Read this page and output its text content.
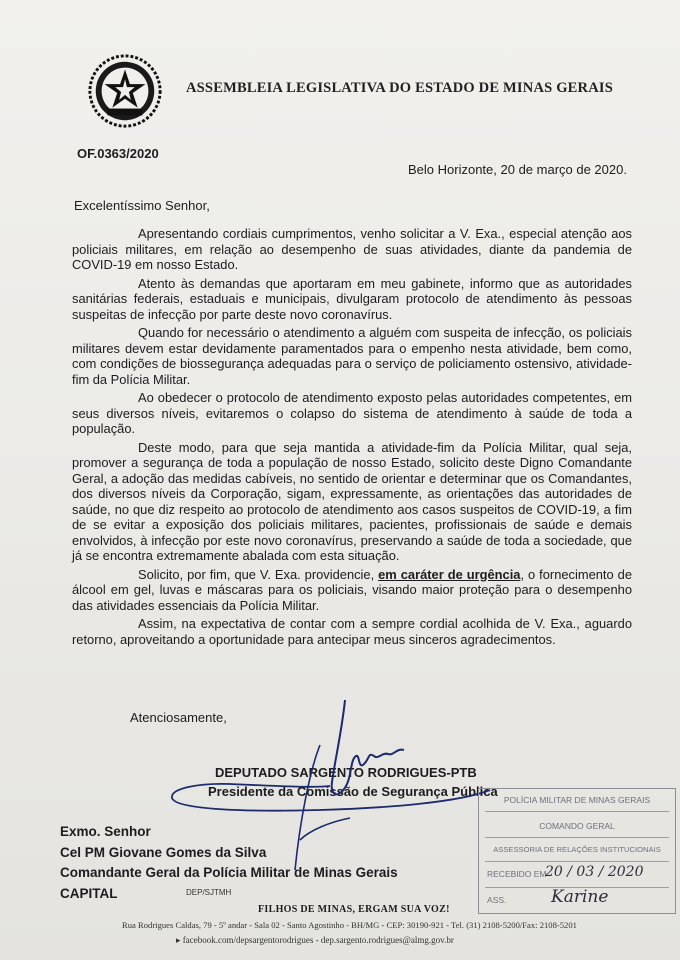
ASSEMBLEIA LEGISLATIVA DO ESTADO DE MINAS GERAIS
OF.0363/2020
Belo Horizonte, 20 de março de 2020.
Excelentíssimo Senhor,

Apresentando cordiais cumprimentos, venho solicitar a V. Exa., especial atenção aos policiais militares, em relação ao desempenho de suas atividades, diante da pandemia de COVID-19 em nosso Estado.

Atento às demandas que aportaram em meu gabinete, informo que as autoridades sanitárias federais, estaduais e municipais, divulgaram protocolo de atendimento às pessoas suspeitas de infecção por parte deste novo coronavírus.

Quando for necessário o atendimento a alguém com suspeita de infecção, os policiais militares devem estar devidamente paramentados para o empenho nesta atividade, bem como, com condições de biossegurança adequadas para o serviço de policiamento ostensivo, atividade-fim da Polícia Militar.

Ao obedecer o protocolo de atendimento exposto pelas autoridades competentes, em seus diversos níveis, evitaremos o colapso do sistema de atendimento à saúde de toda a população.

Deste modo, para que seja mantida a atividade-fim da Polícia Militar, qual seja, promover a segurança de toda a população de nosso Estado, solicito deste Digno Comandante Geral, a adoção das medidas cabíveis, no sentido de orientar e determinar que os Comandantes, dos diversos níveis da Corporação, sigam, expressamente, as orientações das autoridades de saúde, no que diz respeito ao protocolo de atendimento aos casos suspeitos de COVID-19, a fim de se evitar a exposição dos policiais militares, pacientes, profissionais de saúde e demais envolvidos, à infecção por este novo coronavírus, preservando a saúde de toda a sociedade, que já se encontra extremamente abalada com esta situação.

Solicito, por fim, que V. Exa. providencie, em caráter de urgência, o fornecimento de álcool em gel, luvas e máscaras para os policiais, visando maior proteção para o desempenho das atividades essenciais da Polícia Militar.

Assim, na expectativa de contar com a sempre cordial acolhida de V. Exa., aguardo retorno, aproveitando a oportunidade para antecipar meus sinceros agradecimentos.

Atenciosamente,
DEPUTADO SARGENTO RODRIGUES-PTB
Presidente da Comissão de Segurança Pública
Exmo. Senhor
Cel PM Giovane Gomes da Silva
Comandante Geral da Polícia Militar de Minas Gerais
CAPITAL	DEP/SJTMH
POLÍCIA MILITAR DE MINAS GERAIS
COMANDO GERAL
ASSESSORIA DE RELAÇÕES INSTITUCIONAIS
RECEBIDO EM
20 / 03 / 2020
ASS.	Karine
FILHOS DE MINAS, ERGAM SUA VOZ!
Rua Rodrigues Caldas, 79 - 5º andar - Sala 02 - Santo Agostinho - BH/MG - CEP: 30190-921 - Tel. (31) 2108-5200/Fax: 2108-5201
▸ facebook.com/depsargentorodrigues - dep.sargento.rodrigues@almg.gov.br
